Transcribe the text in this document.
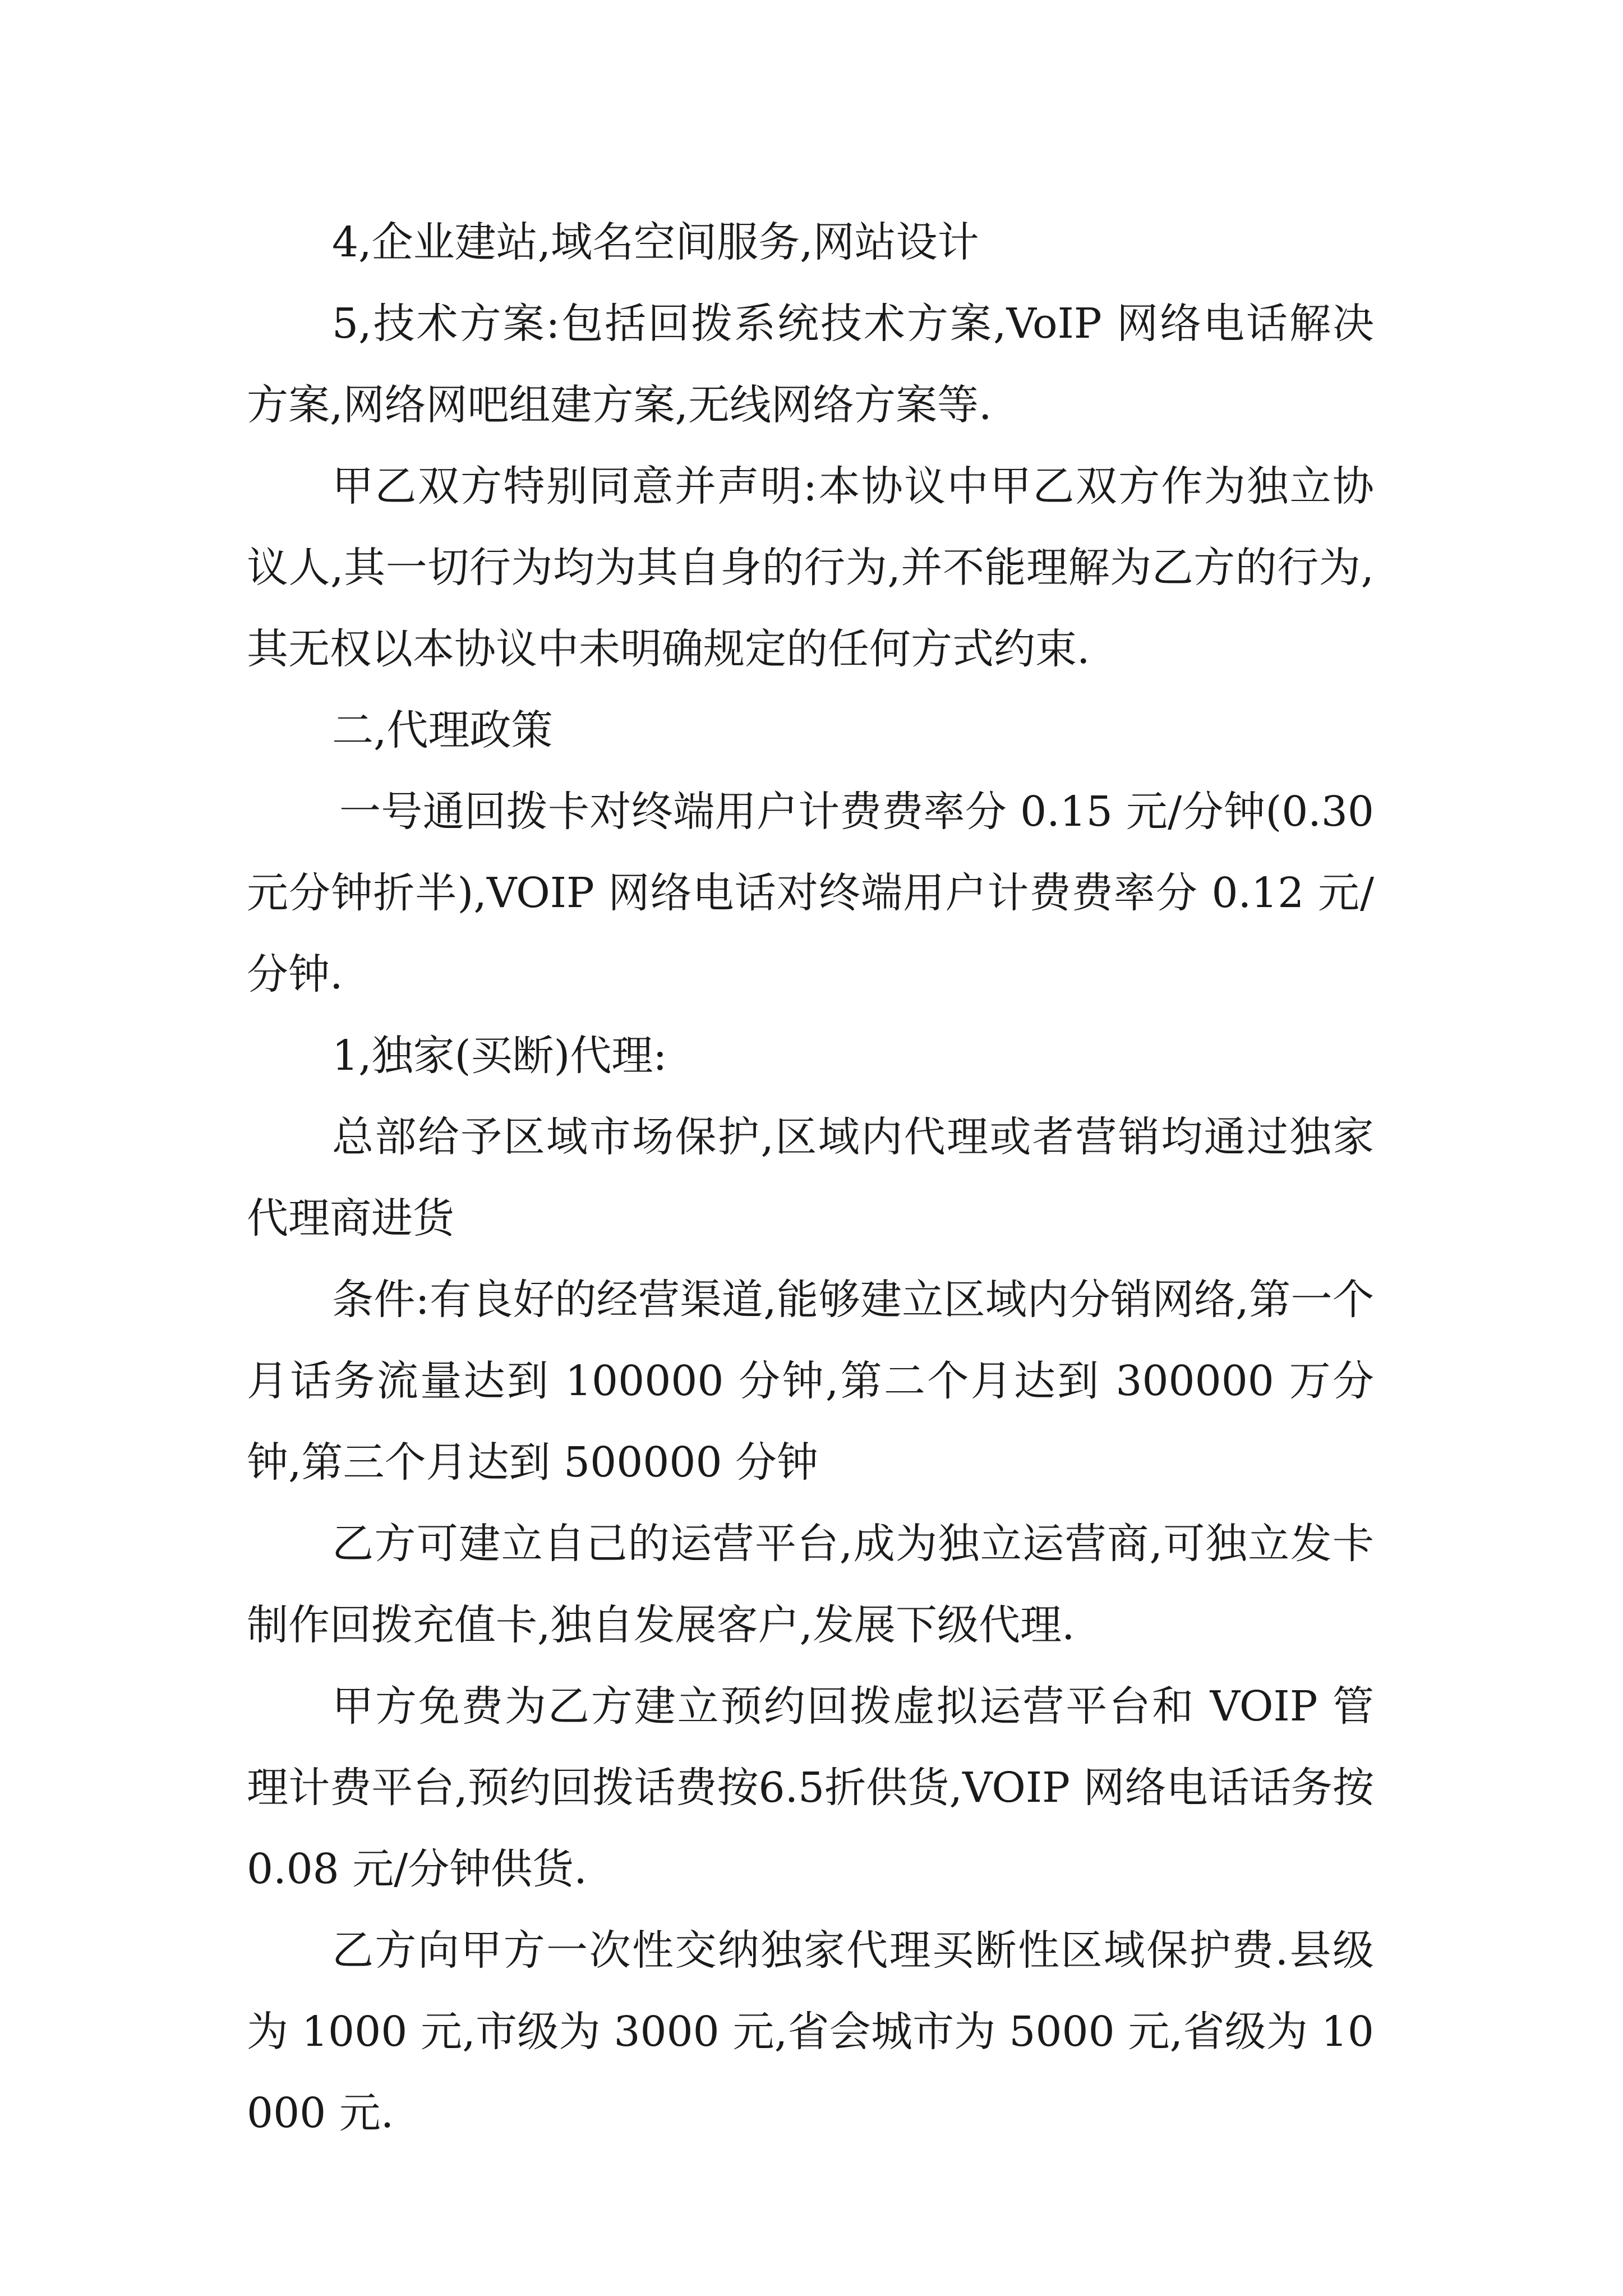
4,企业建站,域名空间服务,网站设计

5,技术方案:包括回拨系统技术方案,VoIP 网络电话解决方案,网络网吧组建方案,无线网络方案等.

甲乙双方特别同意并声明:本协议中甲乙双方作为独立协议人,其一切行为均为其自身的行为,并不能理解为乙方的行为,其无权以本协议中未明确规定的任何方式约束.

二,代理政策

一号通回拨卡对终端用户计费费率分 0.15 元/分钟(0.30 元分钟折半),VOIP 网络电话对终端用户计费费率分 0.12 元/分钟.

1,独家(买断)代理:

总部给予区域市场保护,区域内代理或者营销均通过独家代理商进货

条件:有良好的经营渠道,能够建立区域内分销网络,第一个月话务流量达到 100000 分钟,第二个月达到 300000 万分钟,第三个月达到 500000 分钟

乙方可建立自己的运营平台,成为独立运营商,可独立发卡制作回拨充值卡,独自发展客户,发展下级代理.

甲方免费为乙方建立预约回拨虚拟运营平台和 VOIP 管理计费平台,预约回拨话费按6.5折供货,VOIP 网络电话话务按 0.08 元/分钟供货.

乙方向甲方一次性交纳独家代理买断性区域保护费.县级为 1000 元,市级为 3000 元,省会城市为 5000 元,省级为 10000 元.
